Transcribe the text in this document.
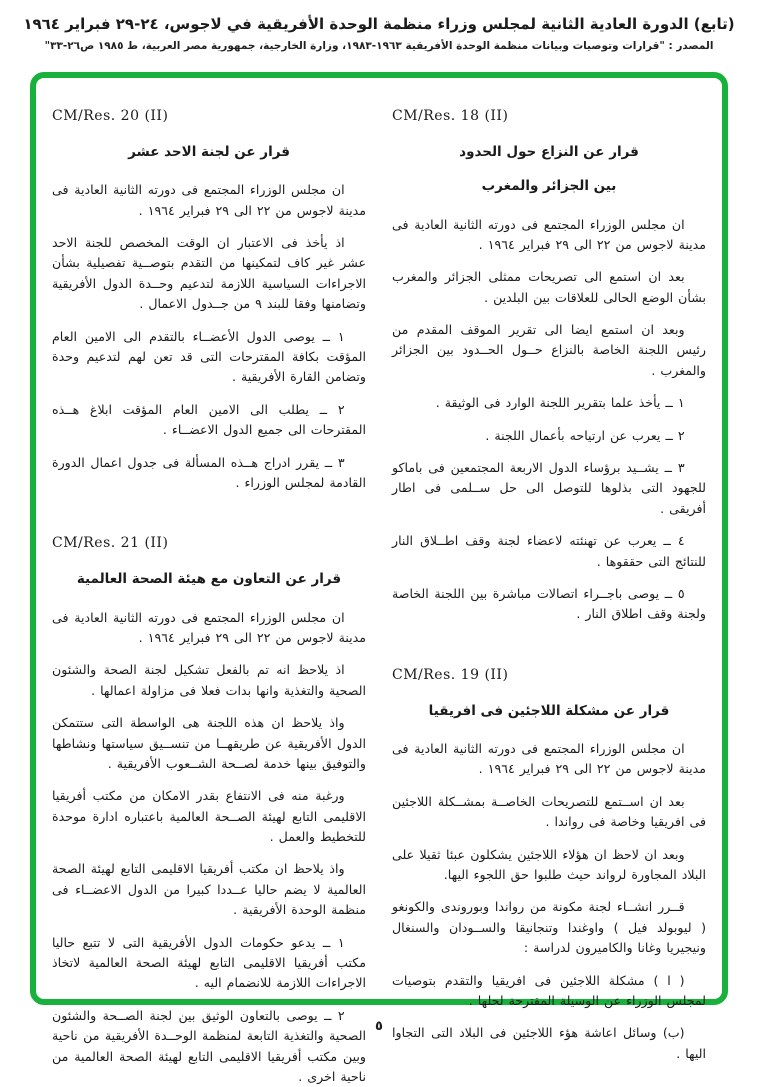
(تابع) الدورة العادية الثانية لمجلس وزراء منظمة الوحدة الأفريقية في لاجوس، ٢٤-٢٩ فبراير ١٩٦٤
المصدر : "قرارات وتوصيات وبيانات منظمة الوحدة الأفريقية ١٩٦٣-١٩٨٣، وزارة الخارجية، جمهورية مصر العربية، ط ١٩٨٥ ص٢٦-٣٣"
CM/Res. 18 (II)
قرار عن النزاع حول الحدود
بين الجزائر والمغرب

ان مجلس الوزراء المجتمع فى دورته الثانية العادية فى مدينة لاجوس من ٢٢ الى ٢٩ فبراير ١٩٦٤ .

بعد ان استمع الى تصريحات ممثلى الجزائر والمغرب بشأن الوضع الحالى للعلاقات بين البلدين .

وبعد ان استمع ايضا الى تقرير الموقف المقدم من رئيس اللجنة الخاصة بالنزاع حــول الحــدود بين الجزائر والمغرب .

١ ــ يأخذ علما بتقرير اللجنة الوارد فى الوثيقة .

٢ ــ يعرب عن ارتياحه بأعمال اللجنة .

٣ ــ يشــيد برؤساء الدول الاربعة المجتمعين فى باماكو للجهود التى بذلوها للتوصل الى حل ســلمى فى اطار أفريقى .

٤ ــ يعرب عن تهنئته لاعضاء لجنة وقف اطــلاق النار للنتائج التى حققوها .

٥ ــ يوصى باجــراء اتصالات مباشرة بين اللجنة الخاصة ولجنة وقف اطلاق النار .

CM/Res. 19 (II)
قرار عن مشكلة اللاجئين فى افريقيا

ان مجلس الوزراء المجتمع فى دورته الثانية العادية فى مدينة لاجوس من ٢٢ الى ٢٩ فبراير ١٩٦٤ .

بعد ان اســتمع للتصريحات الخاصــة بمشــكلة اللاجئين فى افريقيا وخاصة فى رواندا .

وبعد ان لاحظ ان هؤلاء اللاجئين يشكلون عبئا ثقيلا على البلاد المجاورة لرواند حيث طلبوا حق اللجوء اليها.

قــرر انشــاء لجنة مكونة من رواندا وبوروندى والكونغو ( ليوبولد فيل ) واوغندا وتنجانيقا والســودان والسنغال ونيجيريا وغانا والكاميرون لدراسة :

( ا ) مشكلة اللاجئين فى افريقيا والتقدم بتوصيات لمجلس الوزراء عن الوسيلة المقترحة لحلها .

(ب) وسائل اعاشة هؤء اللاجئين فى البلاد التى التجاوا اليها .

CM/Res. 20 (II)
قرار عن لجنة الاحد عشر

ان مجلس الوزراء المجتمع فى دورته الثانية العادية فى مدينة لاجوس من ٢٢ الى ٢٩ فبراير ١٩٦٤ .

اذ يأخذ فى الاعتبار ان الوقت المخصص للجنة الاحد عشر غير كاف لتمكينها من التقدم بتوصــية تفصيلية بشأن الاجراءات السياسية اللازمة لتدعيم وحــدة الدول الأفريقية وتضامنها وفقا للبند ٩ من جــدول الاعمال .

١ ــ يوصى الدول الأعضــاء بالتقدم الى الامين العام المؤقت بكافة المقترحات التى قد تعن لهم لتدعيم وحدة وتضامن القارة الأفريقية .

٢ ــ يطلب الى الامين العام المؤقت ابلاغ هــذه المقترحات الى جميع الدول الاعضــاء .

٣ ــ يقرر ادراج هــذه المسألة فى جدول اعمال الدورة القادمة لمجلس الوزراء .

CM/Res. 21 (II)
قرار عن التعاون مع هيئة الصحة العالمية

ان مجلس الوزراء المجتمع فى دورته الثانية العادية فى مدينة لاجوس من ٢٢ الى ٢٩ فبراير ١٩٦٤ .

اذ يلاحظ انه تم بالفعل تشكيل لجنة الصحة والشئون الصحية والتغذية وانها بدات فعلا فى مزاولة اعمالها .

واذ يلاحظ ان هذه اللجنة هى الواسطة التى ستتمكن الدول الأفريقية عن طريقهــا من تنســيق سياستها ونشاطها والتوفيق بينها خدمة لصــحة الشــعوب الأفريقية .

ورغبة منه فى الانتفاع بقدر الامكان من مكتب أفريقيا الاقليمى التابع لهيئة الصــحة العالمية باعتباره ادارة موحدة للتخطيط والعمل .

واذ يلاحظ ان مكتب أفريقيا الاقليمى التابع لهيئة الصحة العالمية لا يضم حاليا عــددا كبيرا من الدول الاعضــاء فى منظمة الوحدة الأفريقية .

١ ــ يدعو حكومات الدول الأفريقية التى لا تتبع حاليا مكتب أفريقيا الاقليمى التابع لهيئة الصحة العالمية لاتخاذ الاجراءات اللازمة للانضمام اليه .

٢ ــ يوصى بالتعاون الوثيق بين لجنة الصــحة والشئون الصحية والتغذية التابعة لمنظمة الوحــدة الأفريقية من ناحية وبين مكتب أفريقيا الاقليمى التابع لهيئة الصحة العالمية من ناحية اخرى .

٥
